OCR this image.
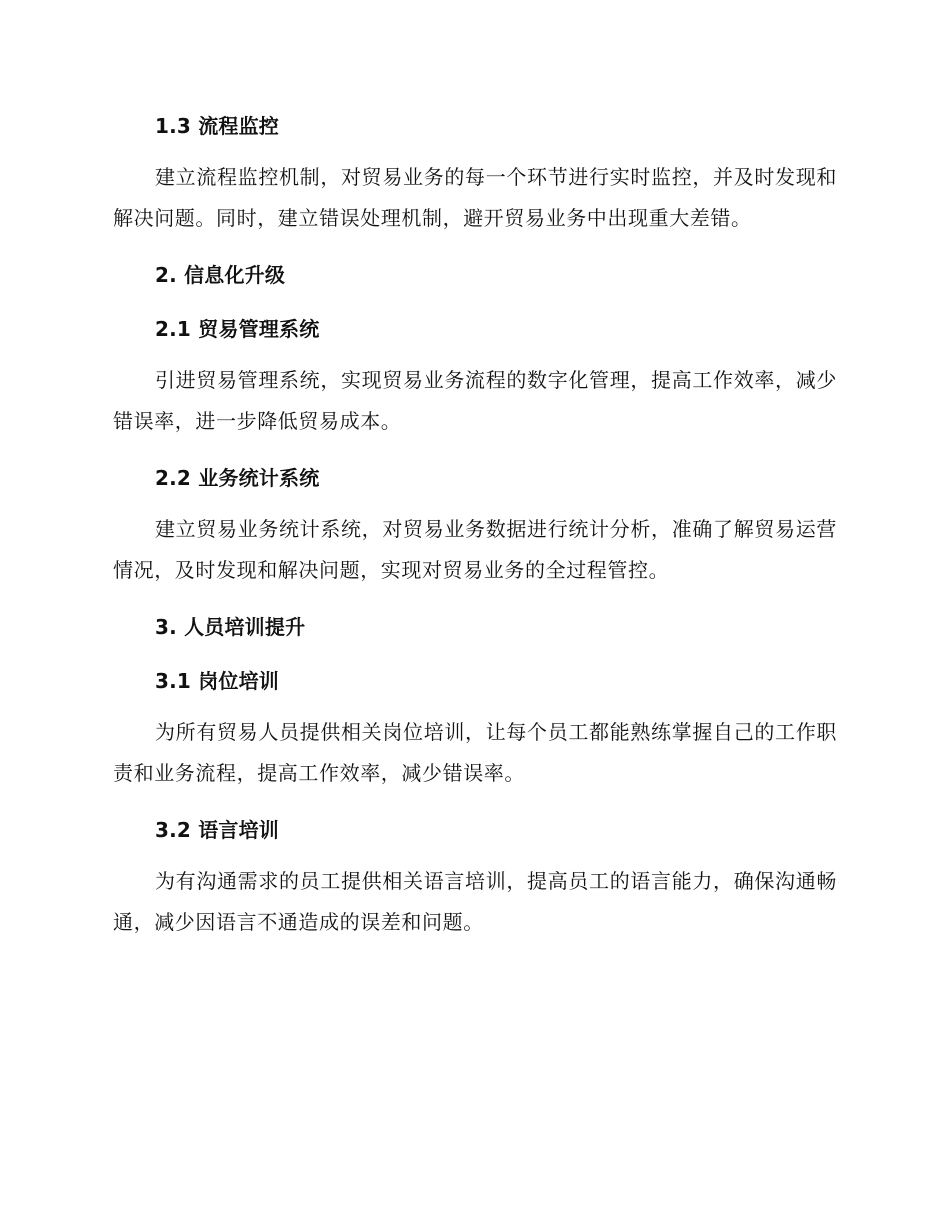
1.3 流程监控

建立流程监控机制，对贸易业务的每一个环节进行实时监控，并及时发现和解决问题。同时，建立错误处理机制，避开贸易业务中出现重大差错。

2. 信息化升级
2.1 贸易管理系统

引进贸易管理系统，实现贸易业务流程的数字化管理，提高工作效率，减少错误率，进一步降低贸易成本。

2.2 业务统计系统

建立贸易业务统计系统，对贸易业务数据进行统计分析，准确了解贸易运营情况，及时发现和解决问题，实现对贸易业务的全过程管控。

3. 人员培训提升
3.1 岗位培训

为所有贸易人员提供相关岗位培训，让每个员工都能熟练掌握自己的工作职责和业务流程，提高工作效率，减少错误率。

3.2 语言培训

为有沟通需求的员工提供相关语言培训，提高员工的语言能力，确保沟通畅通，减少因语言不通造成的误差和问题。
